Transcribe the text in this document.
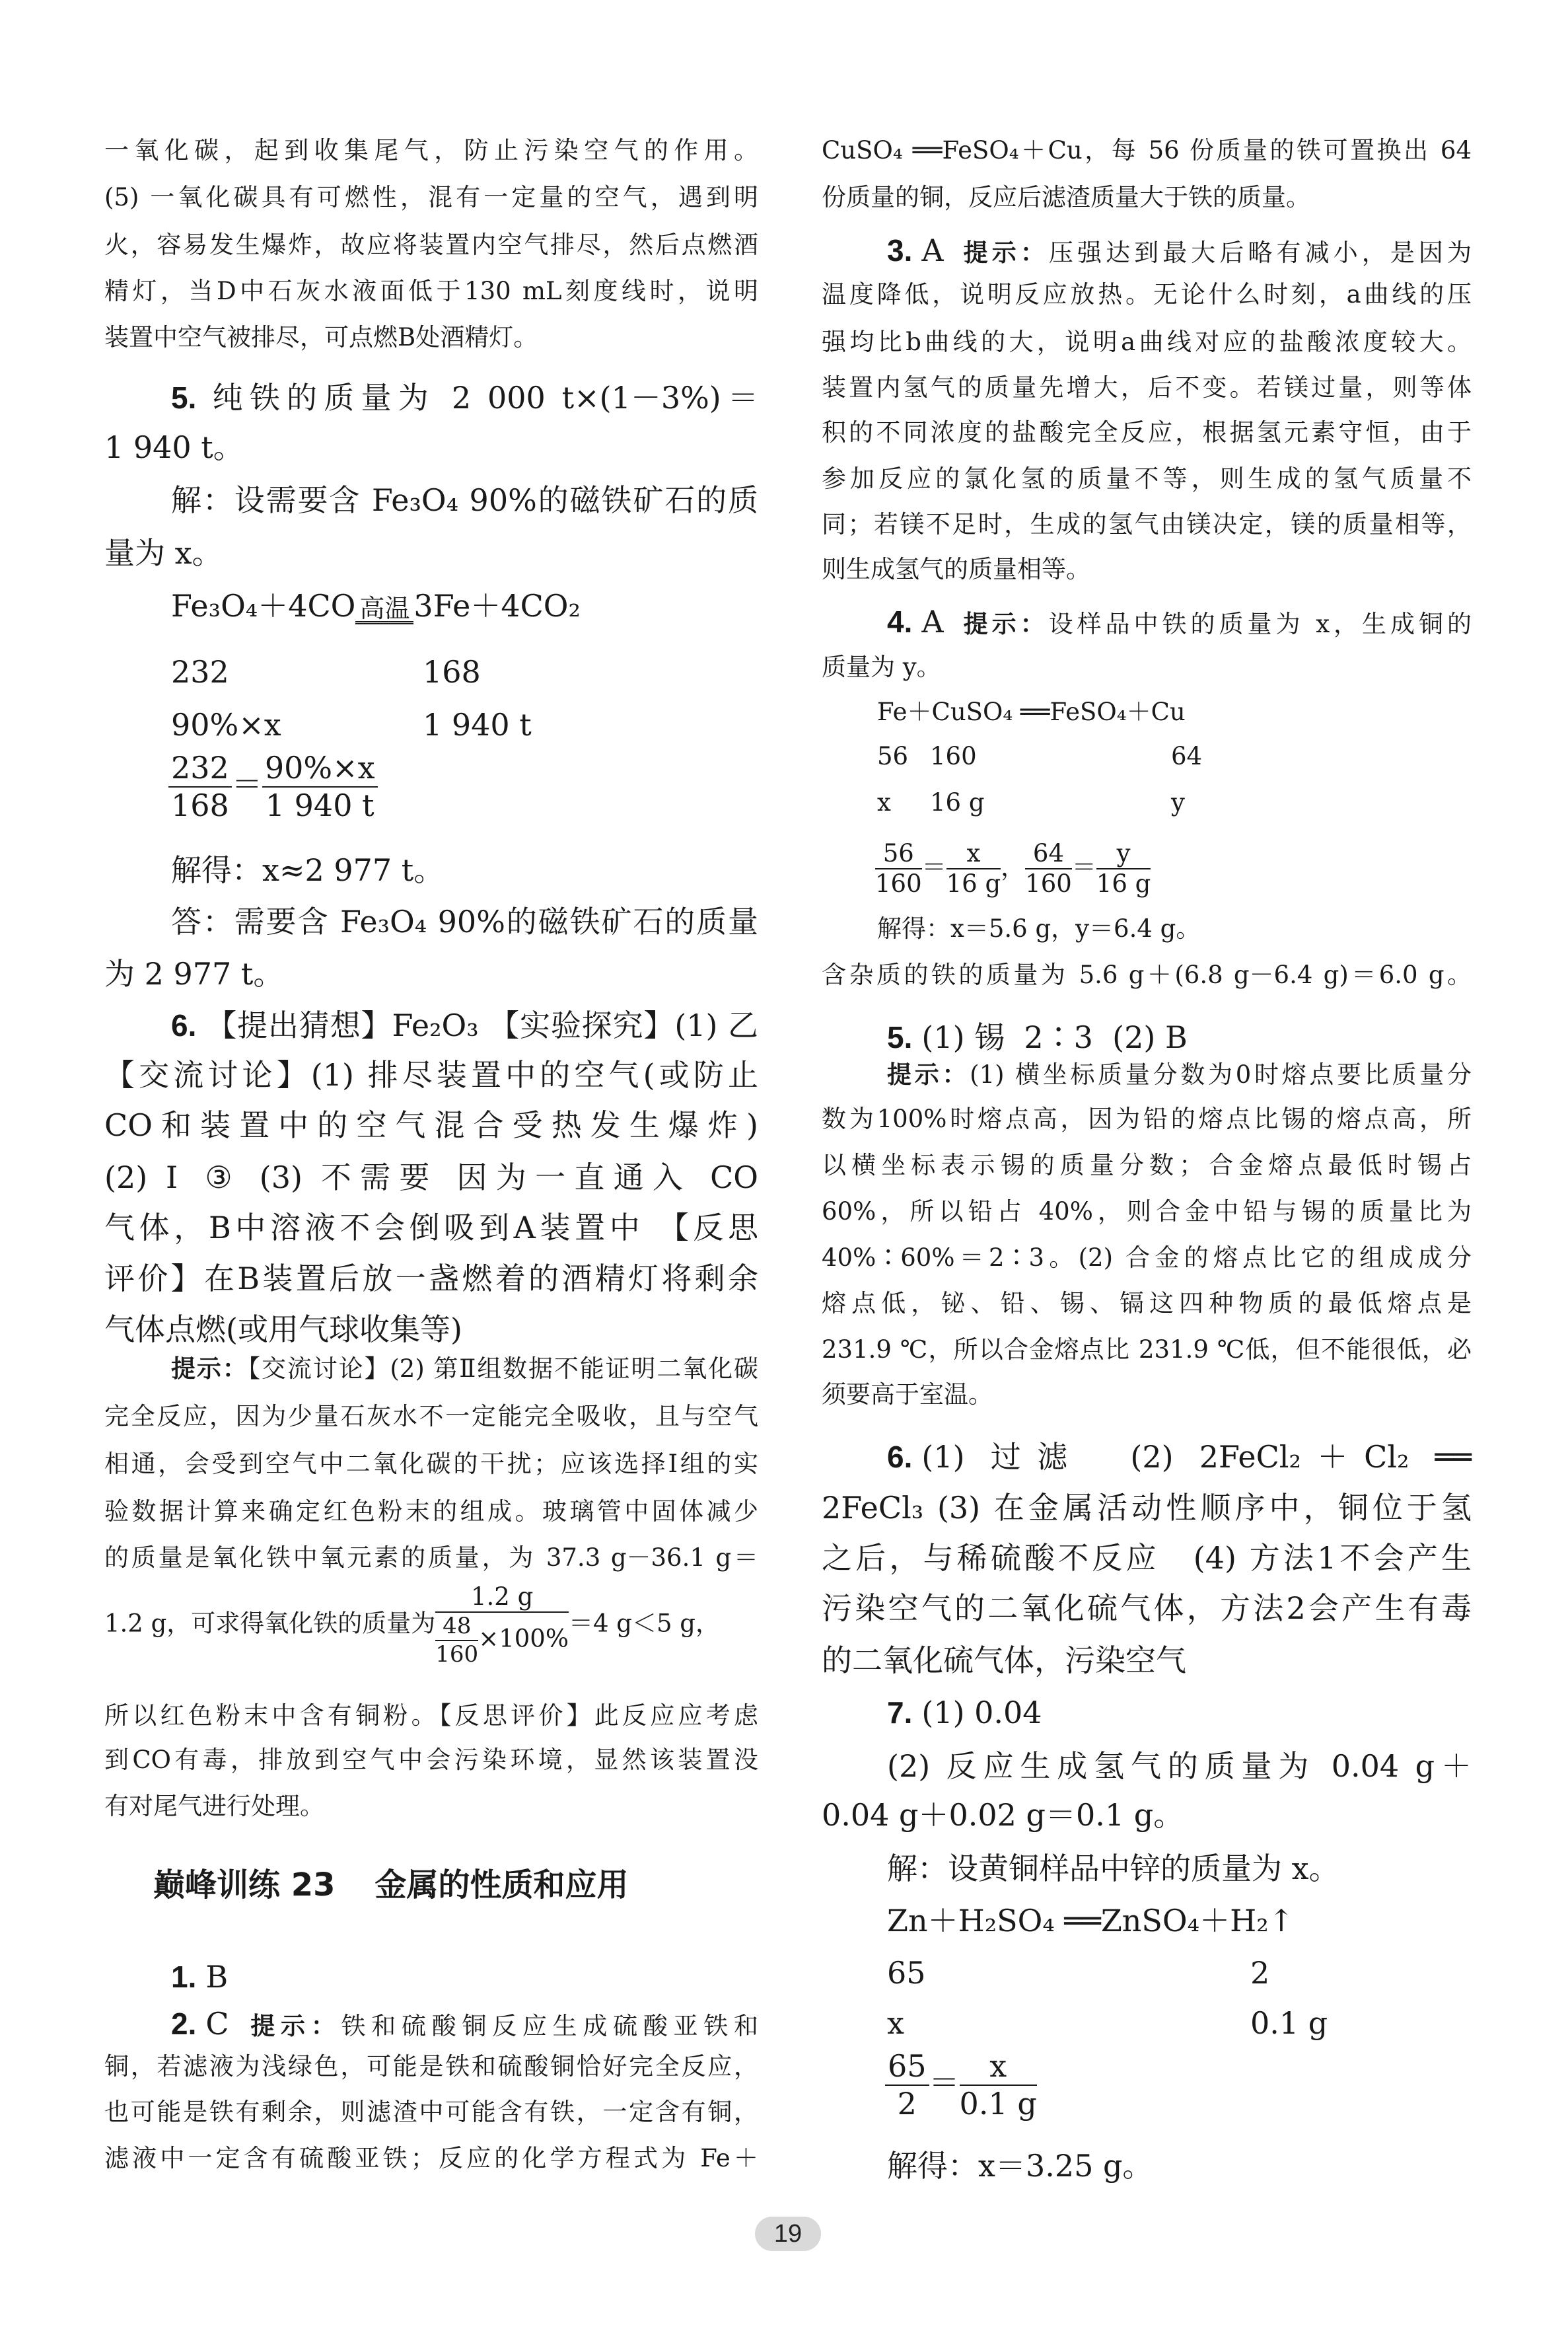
一氧化碳，起到收集尾气，防止污染空气的作用。
(5) 一氧化碳具有可燃性，混有一定量的空气，遇到明
火，容易发生爆炸，故应将装置内空气排尽，然后点燃酒
精灯，当D中石灰水液面低于130 mL刻度线时，说明
装置中空气被排尽，可点燃B处酒精灯。
5. 纯铁的质量为 2 000 t×(1－3%)＝
1 940 t。
解：设需要含 Fe₃O₄ 90%的磁铁矿石的质
量为 x。
Fe₃O₄＋4CO 高温 3Fe＋4CO₂
232	168
90%×x	1 940 t
$\frac{232}{168} = \frac{90\%\times x}{1 940 t}$
解得：x≈2 977 t。
答：需要含 Fe₃O₄ 90%的磁铁矿石的质量
为 2 977 t。
6. 【提出猜想】Fe₂O₃ 【实验探究】(1) 乙
【交流讨论】(1) 排尽装置中的空气(或防止
CO和装置中的空气混合受热发生爆炸)
(2) Ⅰ ③ (3) 不需要 因为一直通入 CO
气体，B中溶液不会倒吸到A装置中 【反思
评价】在B装置后放一盏燃着的酒精灯将剩余
气体点燃(或用气球收集等)
提示：【交流讨论】(2) 第Ⅱ组数据不能证明二氧化碳
完全反应，因为少量石灰水不一定能完全吸收，且与空气
相通，会受到空气中二氧化碳的干扰；应该选择Ⅰ组的实
验数据计算来确定红色粉末的组成。玻璃管中固体减少
的质量是氧化铁中氧元素的质量，为 37.3 g－36.1 g＝
1.2 g，可求得氧化铁的质量为 $\frac{1.2 g}{\frac{48}{160} \times 100\%} =4$ g＜5 g，
所以红色粉末中含有铜粉。【反思评价】此反应应考虑
到CO有毒，排放到空气中会污染环境，显然该装置没
有对尾气进行处理。
巅峰训练 23 金属的性质和应用
1. B
2. C 提示：铁和硫酸铜反应生成硫酸亚铁和
铜，若滤液为浅绿色，可能是铁和硫酸铜恰好完全反应，
也可能是铁有剩余，则滤渣中可能含有铁，一定含有铜，
滤液中一定含有硫酸亚铁；反应的化学方程式为 Fe＋
CuSO₄ ══FeSO₄＋Cu，每 56 份质量的铁可置换出 64
份质量的铜，反应后滤渣质量大于铁的质量。
3. A 提示：压强达到最大后略有减小，是因为
温度降低，说明反应放热。无论什么时刻，a曲线的压
强均比b曲线的大，说明a曲线对应的盐酸浓度较大。
装置内氢气的质量先增大，后不变。若镁过量，则等体
积的不同浓度的盐酸完全反应，根据氢元素守恒，由于
参加反应的氯化氢的质量不等，则生成的氢气质量不
同；若镁不足时，生成的氢气由镁决定，镁的质量相等，
则生成氢气的质量相等。
4. A 提示：设样品中铁的质量为 x，生成铜的
质量为 y。
Fe＋CuSO₄ ══FeSO₄＋Cu
56 160	64
x 16 g	y
$\frac{56}{160} = \frac{x}{16 g}$ ， $\frac{64}{160} = \frac{y}{16 g}$
解得：x＝5.6 g，y＝6.4 g。
含杂质的铁的质量为 5.6 g＋(6.8 g－6.4 g)＝6.0 g。
5. (1) 锡  2∶3  (2) B
提示：(1) 横坐标质量分数为0时熔点要比质量分
数为100%时熔点高，因为铅的熔点比锡的熔点高，所
以横坐标表示锡的质量分数；合金熔点最低时锡占
60%，所以铅占 40%，则合金中铅与锡的质量比为
40%∶60%＝2∶3。(2) 合金的熔点比它的组成成分
熔点低，铋、铅、锡、镉这四种物质的最低熔点是
231.9 ℃，所以合金熔点比 231.9 ℃低，但不能很低，必
须要高于室温。
6. (1) 过滤　(2) 2FeCl₂＋Cl₂ ══
2FeCl₃ (3) 在金属活动性顺序中，铜位于氢
之后，与稀硫酸不反应　(4) 方法1不会产生
污染空气的二氧化硫气体，方法2会产生有毒
的二氧化硫气体，污染空气
7. (1) 0.04
(2) 反应生成氢气的质量为 0.04 g＋
0.04 g＋0.02 g＝0.1 g。
解：设黄铜样品中锌的质量为 x。
Zn＋H₂SO₄ ══ZnSO₄＋H₂↑
65	2
x	0.1 g
$\frac{65}{2} = \frac{x}{0.1 g}$
解得：x＝3.25 g。
19
